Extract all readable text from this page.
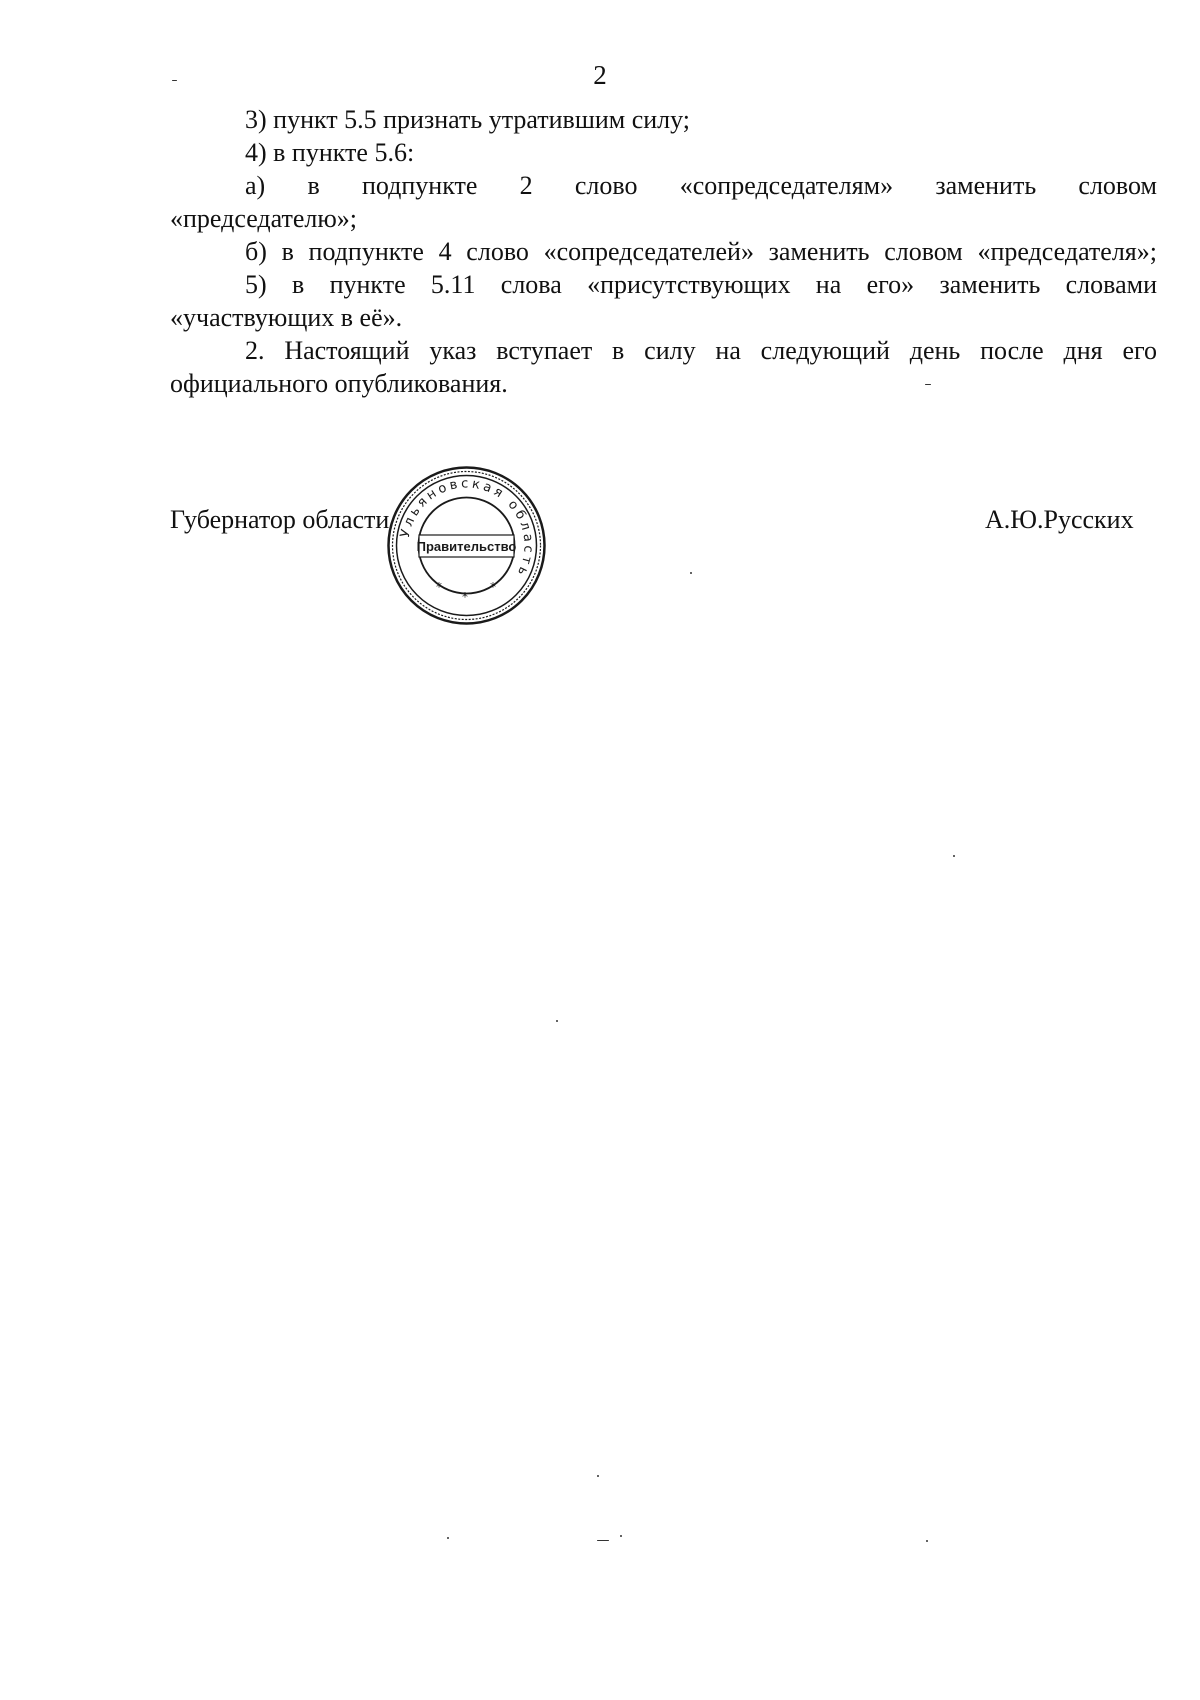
2

3) пункт 5.5 признать утратившим силу;

4) в пункте 5.6:

а) в подпункте 2 слово «сопредседателям» заменить словом

«председателю»;

б) в подпункте 4 слово «сопредседателей» заменить словом «председателя»;

5) в пункте 5.11 слова «присутствующих на его» заменить словами

«участвующих в её».

2. Настоящий указ вступает в силу на следующий день после дня его

официального опубликования.

Губернатор области	А.Ю.Русских
Ульяновская область
Правительство
*
*
*
